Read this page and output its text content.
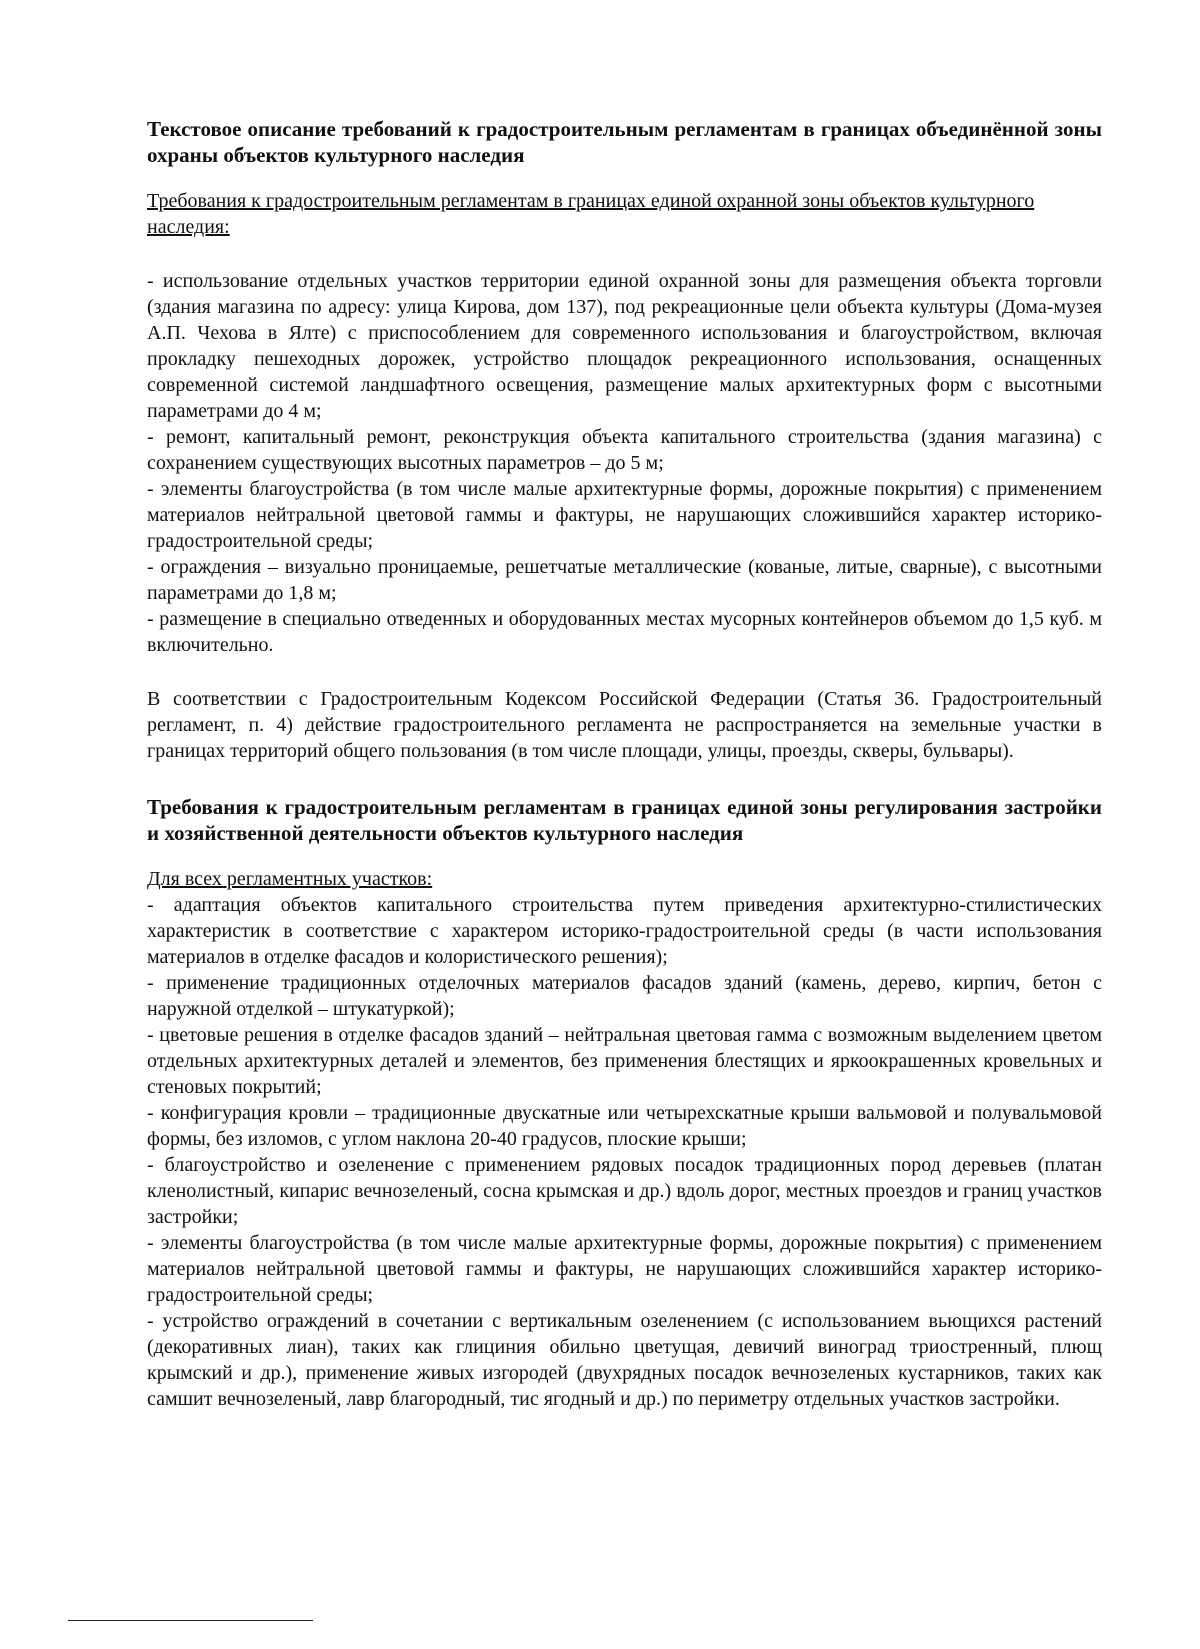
Текстовое описание требований к градостроительным регламентам в границах объединённой зоны охраны объектов культурного наследия
Требования к градостроительным регламентам в границах единой охранной зоны объектов культурного наследия:
- использование отдельных участков территории единой охранной зоны для размещения объекта торговли (здания магазина по адресу: улица Кирова, дом 137), под рекреационные цели объекта культуры (Дома-музея А.П. Чехова в Ялте) с приспособлением для современного использования и благоустройством, включая прокладку пешеходных дорожек, устройство площадок рекреационного использования, оснащенных современной системой ландшафтного освещения, размещение малых архитектурных форм с высотными параметрами до 4 м;
- ремонт, капитальный ремонт, реконструкция объекта капитального строительства (здания магазина) с сохранением существующих высотных параметров – до 5 м;
- элементы благоустройства (в том числе малые архитектурные формы, дорожные покрытия) с применением материалов нейтральной цветовой гаммы и фактуры, не нарушающих сложившийся характер историко- градостроительной среды;
- ограждения – визуально проницаемые, решетчатые металлические (кованые, литые, сварные), с высотными параметрами до 1,8 м;
- размещение в специально отведенных и оборудованных местах мусорных контейнеров объемом до 1,5 куб. м включительно.

В соответствии с Градостроительным Кодексом Российской Федерации (Статья 36. Градостроительный регламент, п. 4) действие градостроительного регламента не распространяется на земельные участки в границах территорий общего пользования (в том числе площади, улицы, проезды, скверы, бульвары).

Требования к градостроительным регламентам в границах единой зоны регулирования застройки и хозяйственной деятельности объектов культурного наследия
Для всех регламентных участков:
- адаптация объектов капитального строительства путем приведения архитектурно-стилистических характеристик в соответствие с характером историко-градостроительной среды (в части использования материалов в отделке фасадов и колористического решения);
- применение традиционных отделочных материалов фасадов зданий (камень, дерево, кирпич, бетон с наружной отделкой – штукатуркой);
- цветовые решения в отделке фасадов зданий – нейтральная цветовая гамма с возможным выделением цветом отдельных архитектурных деталей и элементов, без применения блестящих и яркоокрашенных кровельных и стеновых покрытий;
- конфигурация кровли – традиционные двускатные или четырехскатные крыши вальмовой и полувальмовой формы, без изломов, с углом наклона 20-40 градусов, плоские крыши;
- благоустройство и озеленение с применением рядовых посадок традиционных пород деревьев (платан кленолистный, кипарис вечнозеленый, сосна крымская и др.) вдоль дорог, местных проездов и границ участков застройки;
- элементы благоустройства (в том числе малые архитектурные формы, дорожные покрытия) с применением материалов нейтральной цветовой гаммы и фактуры, не нарушающих сложившийся характер историко-градостроительной среды;
- устройство ограждений в сочетании с вертикальным озеленением (с использованием вьющихся растений (декоративных лиан), таких как глициния обильно цветущая, девичий виноград триостренный, плющ крымский и др.), применение живых изгородей (двухрядных посадок вечнозеленых кустарников, таких как самшит вечнозеленый, лавр благородный, тис ягодный и др.) по периметру отдельных участков застройки.
